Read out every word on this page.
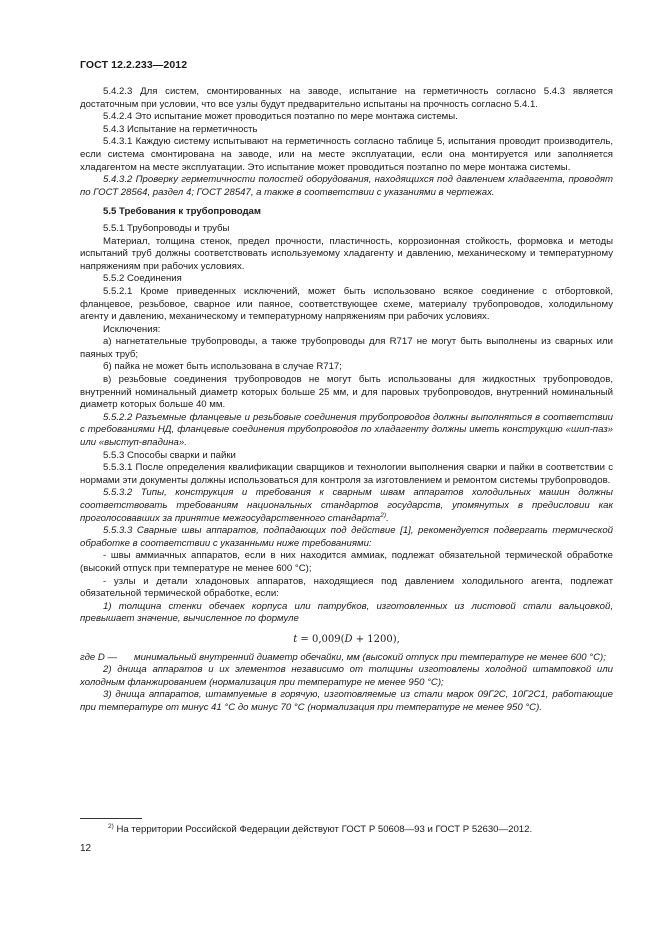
ГОСТ 12.2.233—2012

5.4.2.3 Для систем, смонтированных на заводе, испытание на герметичность согласно 5.4.3 является достаточным при условии, что все узлы будут предварительно испытаны на прочность согласно 5.4.1.

5.4.2.4 Это испытание может проводиться поэтапно по мере монтажа системы.

5.4.3 Испытание на герметичность

5.4.3.1 Каждую систему испытывают на герметичность согласно таблице 5, испытания проводит производитель, если система смонтирована на заводе, или на месте эксплуатации, если она монтируется или заполняется хладагентом на месте эксплуатации. Это испытание может проводиться поэтапно по мере монтажа системы.

5.4.3.2 Проверку герметичности полостей оборудования, находящихся под давлением хладагента, проводят по ГОСТ 28564, раздел 4; ГОСТ 28547, а также в соответствии с указаниями в чертежах.

5.5 Требования к трубопроводам

5.5.1 Трубопроводы и трубы

Материал, толщина стенок, предел прочности, пластичность, коррозионная стойкость, формовка и методы испытаний труб должны соответствовать используемому хладагенту и давлению, механическому и температурному напряжениям при рабочих условиях.

5.5.2 Соединения

5.5.2.1 Кроме приведенных исключений, может быть использовано всякое соединение с отбортовкой, фланцевое, резьбовое, сварное или паяное, соответствующее схеме, материалу трубопроводов, холодильному агенту и давлению, механическому и температурному напряжениям при рабочих условиях.

Исключения:

а) нагнетательные трубопроводы, а также трубопроводы для R717 не могут быть выполнены из сварных или паяных труб;

б) пайка не может быть использована в случае R717;

в) резьбовые соединения трубопроводов не могут быть использованы для жидкостных трубопроводов, внутренний номинальный диаметр которых больше 25 мм, и для паровых трубопроводов, внутренний номинальный диаметр которых больше 40 мм.

5.5.2.2 Разъемные фланцевые и резьбовые соединения трубопроводов должны выполняться в соответствии с требованиями НД, фланцевые соединения трубопроводов по хладагенту должны иметь конструкцию «шип-паз» или «выступ-впадина».

5.5.3 Способы сварки и пайки

5.5.3.1 После определения квалификации сварщиков и технологии выполнения сварки и пайки в соответствии с нормами эти документы должны использоваться для контроля за изготовлением и ремонтом системы трубопроводов.

5.5.3.2 Типы, конструкция и требования к сварным швам аппаратов холодильных машин должны соответствовать требованиям национальных стандартов государств, упомянутых в предисловии как проголосовавших за принятие межгосударственного стандарта$^{2)}$.

5.5.3.3 Сварные швы аппаратов, подпадающих под действие [1], рекомендуется подвергать термической обработке в соответствии с указанными ниже требованиями:

- швы аммиачных аппаратов, если в них находится аммиак, подлежат обязательной термической обработке (высокий отпуск при температуре не менее 600 °С);

- узлы и детали хладоновых аппаратов, находящиеся под давлением холодильного агента, подлежат обязательной термической обработке, если:

1) толщина стенки обечаек корпуса или патрубков, изготовленных из листовой стали вальцовкой, превышает значение, вычисленное по формуле

t = 0,009(D + 1200),

где D — минимальный внутренний диаметр обечайки, мм (высокий отпуск при температуре не менее 600 °С);

2) днища аппаратов и их элементов независимо от толщины изготовлены холодной штамповкой или холодным фланжированием (нормализация при температуре не менее 950 °С);

3) днища аппаратов, штампуемые в горячую, изготовляемые из стали марок 09Г2С, 10Г2С1, работающие при температуре от минус 41 °С до минус 70 °С (нормализация при температуре не менее 950 °С).

$^{2)}$ На территории Российской Федерации действуют ГОСТ Р 50608—93 и ГОСТ Р 52630—2012.
12
